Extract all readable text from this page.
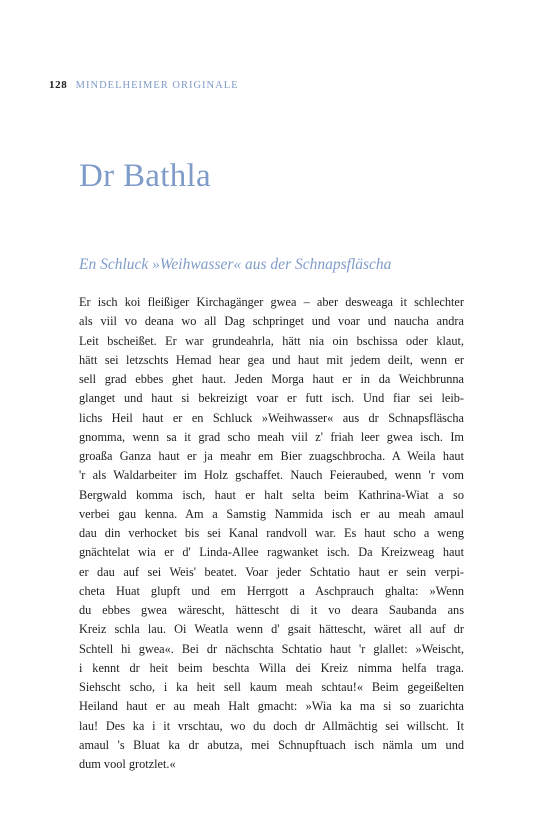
128 MINDELHEIMER ORIGINALE
Dr Bathla
En Schluck »Weihwasser« aus der Schnapsfläschа
Er isch koi fleißiger Kirchagänger gwea – aber desweaga it schlechter
als viil vo deana wo all Dag schpringet und voar und naucha andra
Leit bscheißet. Er war grundeahrla, hätt nia oin bschissa oder klaut,
hätt sei letzschts Hemad hear gea und haut mit jedem deilt, wenn er
sell grad ebbes ghet haut. Jeden Morga haut er in da Weichbrunna
glanget und haut si bekreizigt voar er futt isch. Und fiar sei leib-
lichs Heil haut er en Schluck »Weihwasser« aus dr Schnapsfläscha
gnomma, wenn sa it grad scho meah viil z' friah leer gwea isch. Im
groaßa Ganza haut er ja meahr em Bier zuagschbrocha. A Weila haut
'r als Waldarbeiter im Holz gschaffet. Nauch Feieraubed, wenn 'r vom
Bergwald komma isch, haut er halt selta beim Kathrina-Wiat a so
verbei gau kenna. Am a Samstig Nammida isch er au meah amaul
dau din verhocket bis sei Kanal randvoll war. Es haut scho a weng
gnächtelat wia er d' Linda-Allee ragwanket isch. Da Kreizweag haut
er dau auf sei Weis' beatet. Voar jeder Schtatio haut er sein verpi-
cheta Huat glupft und em Herrgott a Aschprauch ghalta: »Wenn
du ebbes gwea wärescht, hättescht di it vo deara Saubanda ans
Kreiz schla lau. Oi Weatla wenn d' gsait hättescht, wäret all auf dr
Schtell hi gwea«. Bei dr nächschta Schtatio haut 'r glallet: »Weischt,
i kennt dr heit beim beschta Willa dei Kreiz nimma helfa traga.
Siehscht scho, i ka heit sell kaum meah schtau!« Beim gegeißelten
Heiland haut er au meah Halt gmacht: »Wia ka ma si so zuarichta
lau! Des ka i it vrschtau, wo du doch dr Allmächtig sei willscht. It
amaul 's Bluat ka dr abutza, mei Schnupftuach isch nämla um und
dum vool grotzlet.«
